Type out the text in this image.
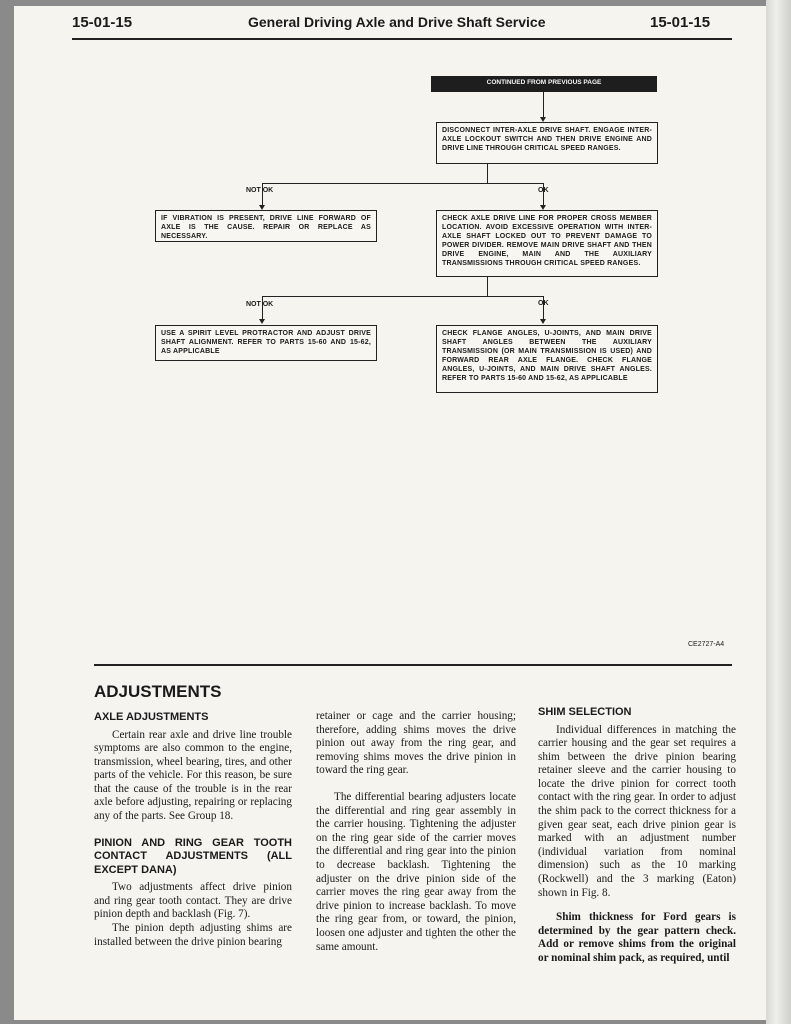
15-01-15	General Driving Axle and Drive Shaft Service	15-01-15
CONTINUED FROM PREVIOUS PAGE
DISCONNECT INTER-AXLE DRIVE SHAFT. ENGAGE INTER-AXLE LOCKOUT SWITCH AND THEN DRIVE ENGINE AND DRIVE LINE THROUGH CRITICAL SPEED RANGES.
NOT OK	OK
IF VIBRATION IS PRESENT, DRIVE LINE FORWARD OF AXLE IS THE CAUSE. REPAIR OR REPLACE AS NECESSARY.
CHECK AXLE DRIVE LINE FOR PROPER CROSS MEMBER LOCATION. AVOID EXCESSIVE OPERATION WITH INTER-AXLE SHAFT LOCKED OUT TO PREVENT DAMAGE TO POWER DIVIDER. REMOVE MAIN DRIVE SHAFT AND THEN DRIVE ENGINE, MAIN AND THE AUXILIARY TRANSMISSIONS THROUGH CRITICAL SPEED RANGES.
NOT OK	OK
USE A SPIRIT LEVEL PROTRACTOR AND ADJUST DRIVE SHAFT ALIGNMENT. REFER TO PARTS 15-60 AND 15-62, AS APPLICABLE
CHECK FLANGE ANGLES, U-JOINTS, AND MAIN DRIVE SHAFT ANGLES BETWEEN THE AUXILIARY TRANSMISSION (OR MAIN TRANSMISSION IS USED) AND FORWARD REAR AXLE FLANGE. CHECK FLANGE ANGLES, U-JOINTS, AND MAIN DRIVE SHAFT ANGLES. REFER TO PARTS 15-60 AND 15-62, AS APPLICABLE
CE2727-A4
ADJUSTMENTS

AXLE ADJUSTMENTS

Certain rear axle and drive line trouble symptoms are also common to the engine, transmission, wheel bearing, tires, and other parts of the vehicle. For this reason, be sure that the cause of the trouble is in the rear axle before adjusting, repairing or replacing any of the parts. See Group 18.

PINION AND RING GEAR TOOTH CONTACT ADJUSTMENTS (ALL EXCEPT DANA)

Two adjustments affect drive pinion and ring gear tooth contact. They are drive pinion depth and backlash (Fig. 7).

The pinion depth adjusting shims are installed between the drive pinion bearing

retainer or cage and the carrier housing; therefore, adding shims moves the drive pinion out away from the ring gear, and removing shims moves the drive pinion in toward the ring gear.

The differential bearing adjusters locate the differential and ring gear assembly in the carrier housing. Tightening the adjuster on the ring gear side of the carrier moves the differential and ring gear into the pinion to decrease backlash. Tightening the adjuster on the drive pinion side of the carrier moves the ring gear away from the drive pinion to increase backlash. To move the ring gear from, or toward, the pinion, loosen one adjuster and tighten the other the same amount.

SHIM SELECTION

Individual differences in matching the carrier housing and the gear set requires a shim between the drive pinion bearing retainer sleeve and the carrier housing to locate the drive pinion for correct tooth contact with the ring gear. In order to adjust the shim pack to the correct thickness for a given gear seat, each drive pinion gear is marked with an adjustment number (individual variation from nominal dimension) such as the 10 marking (Rockwell) and the 3 marking (Eaton) shown in Fig. 8.

Shim thickness for Ford gears is determined by the gear pattern check. Add or remove shims from the original or nominal shim pack, as required, until
